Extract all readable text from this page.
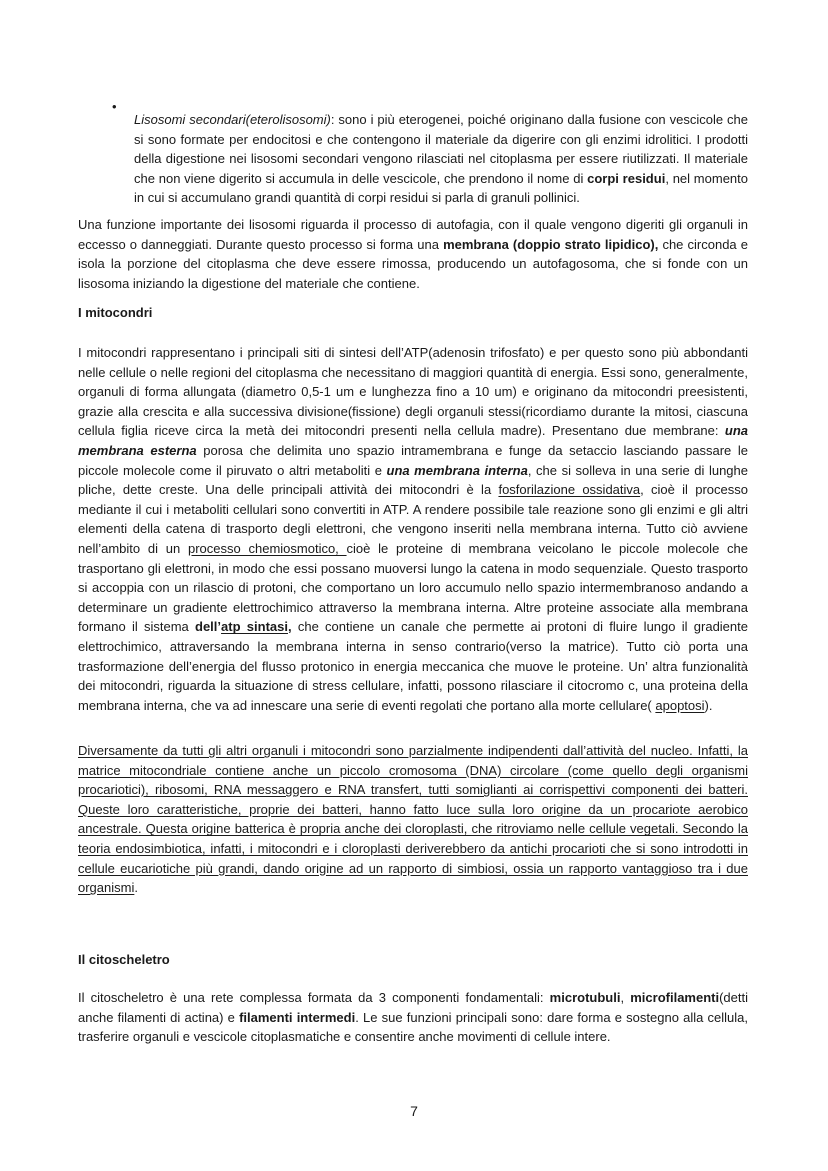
•

Lisosomi secondari(eterolisosomi): sono i più eterogenei, poiché originano dalla fusione con vescicole che si sono formate per endocitosi e che contengono il materiale da digerire con gli enzimi idrolitici. I prodotti della digestione nei lisosomi secondari vengono rilasciati nel citoplasma per essere riutilizzati. Il materiale che non viene digerito si accumula in delle vescicole, che prendono il nome di corpi residui, nel momento in cui si accumulano grandi quantità di corpi residui si parla di granuli pollinici.

Una funzione importante dei lisosomi riguarda il processo di autofagia, con il quale vengono digeriti gli organuli in eccesso o danneggiati. Durante questo processo si forma una membrana (doppio strato lipidico), che circonda e isola la porzione del citoplasma che deve essere rimossa, producendo un autofagosoma, che si fonde con un lisosoma iniziando la digestione del materiale che contiene.

I mitocondri

I mitocondri rappresentano i principali siti di sintesi dell’ATP(adenosin trifosfato) e per questo sono più abbondanti nelle cellule o nelle regioni del citoplasma che necessitano di maggiori quantità di energia. Essi sono, generalmente, organuli di forma allungata (diametro 0,5-1 um e lunghezza fino a 10 um) e originano da mitocondri preesistenti, grazie alla crescita e alla successiva divisione(fissione) degli organuli stessi(ricordiamo durante la mitosi, ciascuna cellula figlia riceve circa la metà dei mitocondri presenti nella cellula madre). Presentano due membrane: una membrana esterna porosa che delimita uno spazio intramembrana e funge da setaccio lasciando passare le piccole molecole come il piruvato o altri metaboliti e una membrana interna, che si solleva in una serie di lunghe pliche, dette creste. Una delle principali attività dei mitocondri è la fosforilazione ossidativa, cioè il processo mediante il cui i metaboliti cellulari sono convertiti in ATP. A rendere possibile tale reazione sono gli enzimi e gli altri elementi della catena di trasporto degli elettroni, che vengono inseriti nella membrana interna. Tutto ciò avviene nell’ambito di un processo chemiosmotico, cioè le proteine di membrana veicolano le piccole molecole che trasportano gli elettroni, in modo che essi possano muoversi lungo la catena in modo sequenziale. Questo trasporto si accoppia con un rilascio di protoni, che comportano un loro accumulo nello spazio intermembranoso andando a determinare un gradiente elettrochimico attraverso la membrana interna. Altre proteine associate alla membrana formano il sistema dell’atp sintasi, che contiene un canale che permette ai protoni di fluire lungo il gradiente elettrochimico, attraversando la membrana interna in senso contrario(verso la matrice). Tutto ciò porta una trasformazione dell’energia del flusso protonico in energia meccanica che muove le proteine. Un’ altra funzionalità dei mitocondri, riguarda la situazione di stress cellulare, infatti, possono rilasciare il citocromo c, una proteina della membrana interna, che va ad innescare una serie di eventi regolati che portano alla morte cellulare( apoptosi).

Diversamente da tutti gli altri organuli i mitocondri sono parzialmente indipendenti dall’attività del nucleo. Infatti, la matrice mitocondriale contiene anche un piccolo cromosoma (DNA) circolare (come quello degli organismi procariotici), ribosomi, RNA messaggero e RNA transfert, tutti somiglianti ai corrispettivi componenti dei batteri. Queste loro caratteristiche, proprie dei batteri, hanno fatto luce sulla loro origine da un procariote aerobico ancestrale. Questa origine batterica è propria anche dei cloroplasti, che ritroviamo nelle cellule vegetali. Secondo la teoria endosimbiotica, infatti, i mitocondri e i cloroplasti deriverebbero da antichi procarioti che si sono introdotti in cellule eucariotiche più grandi, dando origine ad un rapporto di simbiosi, ossia un rapporto vantaggioso tra i due organismi.

Il citoscheletro

Il citoscheletro è una rete complessa formata da 3 componenti fondamentali: microtubuli, microfilamenti(detti anche filamenti di actina) e filamenti intermedi. Le sue funzioni principali sono: dare forma e sostegno alla cellula, trasferire organuli e vescicole citoplasmatiche e consentire anche movimenti di cellule intere.

7
